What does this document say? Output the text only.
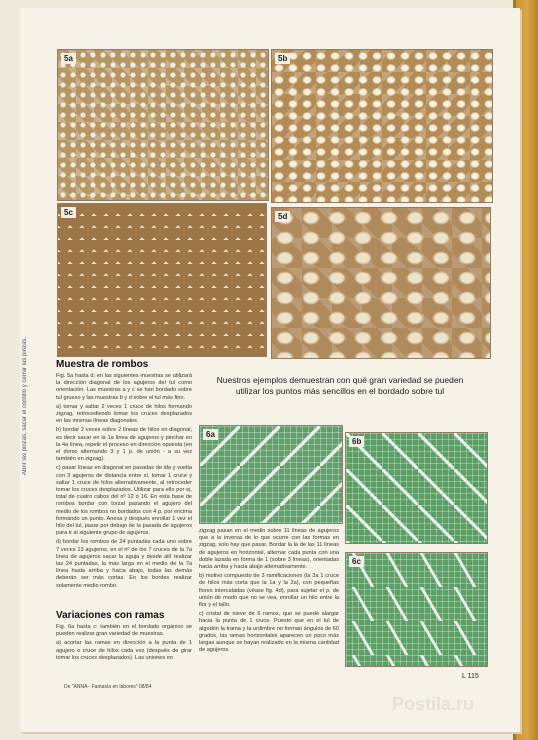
Abrir las pinzas, sacar el cordillo y cerrar las pinzas.
5a	5b
5c	5d
Nuestros ejemplos demuestran con qué gran variedad se pueden utilizar los puntos más sencillos en el bordado sobre tul
Muestra de rombos

Fig. 5a hasta d: en las siguientes muestras se utilizará la dirección diagonal de los agujeros del tul como orientación. Las muestras a y c se han bordado sobre tul grueso y las muestras b y d sobre el tul más fino.

a) tomar y saltar 2 veces 1 cruce de hilos formando zigzag, retrocediendo tomar los cruces desplazados en las mismas líneas diagonales.

b) bordar 2 veces sobre 2 líneas de hilos en diagonal, es decir sacar en la 1a línea de agujeros y pinchar en la 4a línea, repetir el proceso en dirección opuesta (en el dorso alternando 3 y 1 p. de unión - a su vez también en zigzag).

c) pasar líneas en diagonal en pasadas de ida y vuelta con 3 agujeros de distancia entre sí, tomar 1 cruce y saltar 1 cruce de hilos alternativamente, al retroceder tomar los cruces desplazados. Utilizar para ello por ej. total de cuatro cabos del nº 12 ó 16. En esta base de rombos bordar con torzal pasando el agujero del medio de los rombos no bordados con 4 p. por encima formando un punto. Anexa y después enrollar 1 vez el hilo del tul, pasar por debajo de la pasada de agujeros para ir al siguiente grupo de agujeros.

d) bordar los rombos de 24 puntadas cada uno sobre 7 veces 13 agujeros, en el nº de los 7 cruces de la 7a línea de agujeros sacar la aguja y desde allí realizar las 24 puntadas, la más larga en el medio de la 7a línea hasta arriba y hacia abajo, todas las demás deberán ser más cortas. En los bordes realizar solamente medio rombo.

Variaciones con ramas

Fig. 6a hasta c: también en el bordado orgánico se pueden realizar gran variedad de muestras.

a) acortar las ramas en dirección a la punta de 1 agujero o cruce de hilos cada vez (después de girar tomar los cruces desplazados). Las uniones en

6a
6b
6c

zigzag pasan en el medio sobre 11 líneas de agujeros que a la inversa de lo que ocurre con las formas en zigzag, solo hay que pasar. Bordar la la de las 11 líneas de agujeros en horizontal, alternar cada punta con una doble lazada en forma de 1 (sobre 3 líneas), orientadas hacia arriba y hacia abajo alternativamente.

b) motivo compuesto de 3 ramificaciones (la 3a 1 cruce de hilos más corta que la 1a y la 2a), con pequeñas flores intercaladas (véase fig. 4d), para sujetar el p. de unión de modo que no se vea, enrollar un hilo entre la flor y el tallo.

c) cristal de nieve de 6 ramos, que se puede alargar hacia la punta de 1 cruce. Puesto que en el tul de algodón la trama y la urdimbre no forman ángulos de 60 grados, las ramas horizontales aparecen un poco más largas aunque se hayan realizado en la misma cantidad de agujeros.

De "ANNA - Fantasía en labores" 08/84
L 115
Postila.ru
